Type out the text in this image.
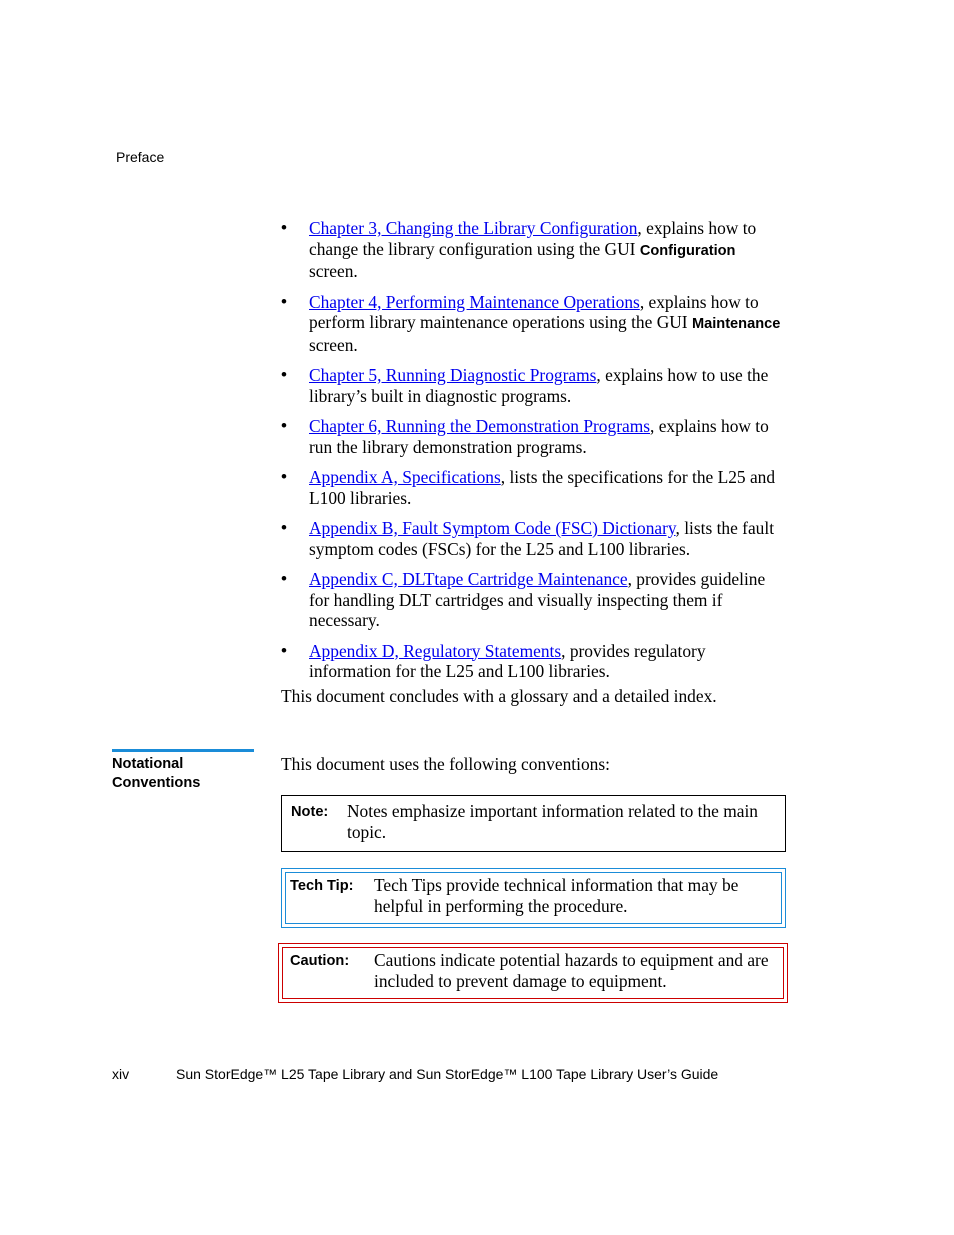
Preface
• Chapter 3, Changing the Library Configuration, explains how to change the library configuration using the GUI Configuration screen.
• Chapter 4, Performing Maintenance Operations, explains how to perform library maintenance operations using the GUI Maintenance screen.
• Chapter 5, Running Diagnostic Programs, explains how to use the library’s built in diagnostic programs.
• Chapter 6, Running the Demonstration Programs, explains how to run the library demonstration programs.
• Appendix A, Specifications, lists the specifications for the L25 and L100 libraries.
• Appendix B, Fault Symptom Code (FSC) Dictionary, lists the fault symptom codes (FSCs) for the L25 and L100 libraries.
• Appendix C, DLTtape Cartridge Maintenance, provides guideline for handling DLT cartridges and visually inspecting them if necessary.
• Appendix D, Regulatory Statements, provides regulatory information for the L25 and L100 libraries.
This document concludes with a glossary and a detailed index.
Notational
Conventions
This document uses the following conventions:
Note: Notes emphasize important information related to the main topic.
Tech Tip: Tech Tips provide technical information that may be helpful in performing the procedure.
Caution: Cautions indicate potential hazards to equipment and are included to prevent damage to equipment.
xiv	Sun StorEdge™ L25 Tape Library and Sun StorEdge™ L100 Tape Library User’s Guide
